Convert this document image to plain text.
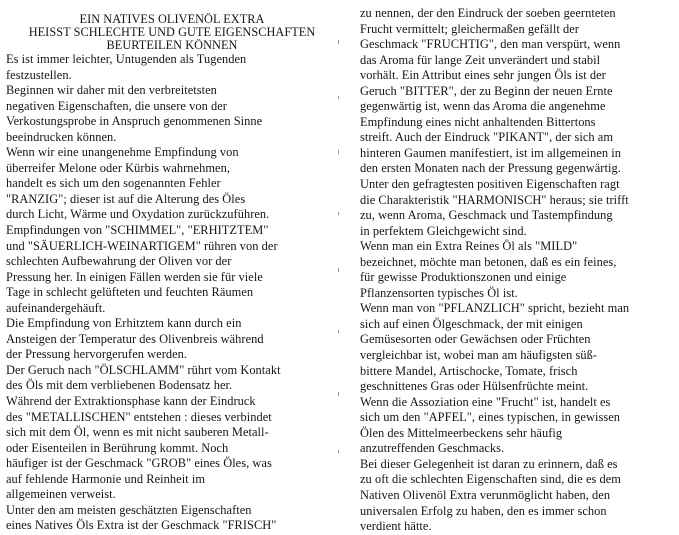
EIN NATIVES OLIVENÖL EXTRA
HEISST SCHLECHTE UND GUTE EIGENSCHAFTEN
BEURTEILEN KÖNNEN
Es ist immer leichter, Untugenden als Tugenden
festzustellen.
Beginnen wir daher mit den verbreitetsten
negativen Eigenschaften, die unsere von der
Verkostungsprobe in Anspruch genommenen Sinne
beeindrucken können.
Wenn wir eine unangenehme Empfindung von
überreifer Melone oder Kürbis wahrnehmen,
handelt es sich um den sogenannten Fehler
"RANZIG"; dieser ist auf die Alterung des Öles
durch Licht, Wärme und Oxydation zurückzuführen.
Empfindungen von "SCHIMMEL", "ERHITZTEM"
und "SÄUERLICH-WEINARTIGEM" rühren von der
schlechten Aufbewahrung der Oliven vor der
Pressung her. In einigen Fällen werden sie für viele
Tage in schlecht gelüfteten und feuchten Räumen
aufeinandergehäuft.
Die Empfindung von Erhitztem kann durch ein
Ansteigen der Temperatur des Olivenbreis während
der Pressung hervorgerufen werden.
Der Geruch nach "ÖLSCHLAMM" rührt vom Kontakt
des Öls mit dem verbliebenen Bodensatz her.
Während der Extraktionsphase kann der Eindruck
des "METALLISCHEN" entstehen : dieses verbindet
sich mit dem Öl, wenn es mit nicht sauberen Metall-
oder Eisenteilen in Berührung kommt. Noch
häufiger ist der Geschmack "GROB" eines Öles, was
auf fehlende Harmonie und Reinheit im
allgemeinen verweist.
Unter den am meisten geschätzten Eigenschaften
eines Natives Öls Extra ist der Geschmack "FRISCH"
zu nennen, der den Eindruck der soeben geernteten
Frucht vermittelt; gleichermaßen gefällt der
Geschmack "FRUCHTIG", den man verspürt, wenn
das Aroma für lange Zeit unverändert und stabil
vorhält. Ein Attribut eines sehr jungen Öls ist der
Geruch "BITTER", der zu Beginn der neuen Ernte
gegenwärtig ist, wenn das Aroma die angenehme
Empfindung eines nicht anhaltenden Bittertons
streift. Auch der Eindruck "PIKANT", der sich am
hinteren Gaumen manifestiert, ist im allgemeinen in
den ersten Monaten nach der Pressung gegenwärtig.
Unter den gefragtesten positiven Eigenschaften ragt
die Charakteristik "HARMONISCH" heraus; sie trifft
zu, wenn Aroma, Geschmack und Tastempfindung
in perfektem Gleichgewicht sind.
Wenn man ein Extra Reines Öl als "MILD"
bezeichnet, möchte man betonen, daß es ein feines,
für gewisse Produktionszonen und einige
Pflanzensorten typisches Öl ist.
Wenn man von "PFLANZLICH" spricht, bezieht man
sich auf einen Ölgeschmack, der mit einigen
Gemüsesorten oder Gewächsen oder Früchten
vergleichbar ist, wobei man am häufigsten süß-
bittere Mandel, Artischocke, Tomate, frisch
geschnittenes Gras oder Hülsenfrüchte meint.
Wenn die Assoziation eine "Frucht" ist, handelt es
sich um den "APFEL", eines typischen, in gewissen
Ölen des Mittelmeerbeckens sehr häufig
anzutreffenden Geschmacks.
Bei dieser Gelegenheit ist daran zu erinnern, daß es
zu oft die schlechten Eigenschaften sind, die es dem
Nativen Olivenöl Extra verunmöglicht haben, den
universalen Erfolg zu haben, den es immer schon
verdient hätte.
